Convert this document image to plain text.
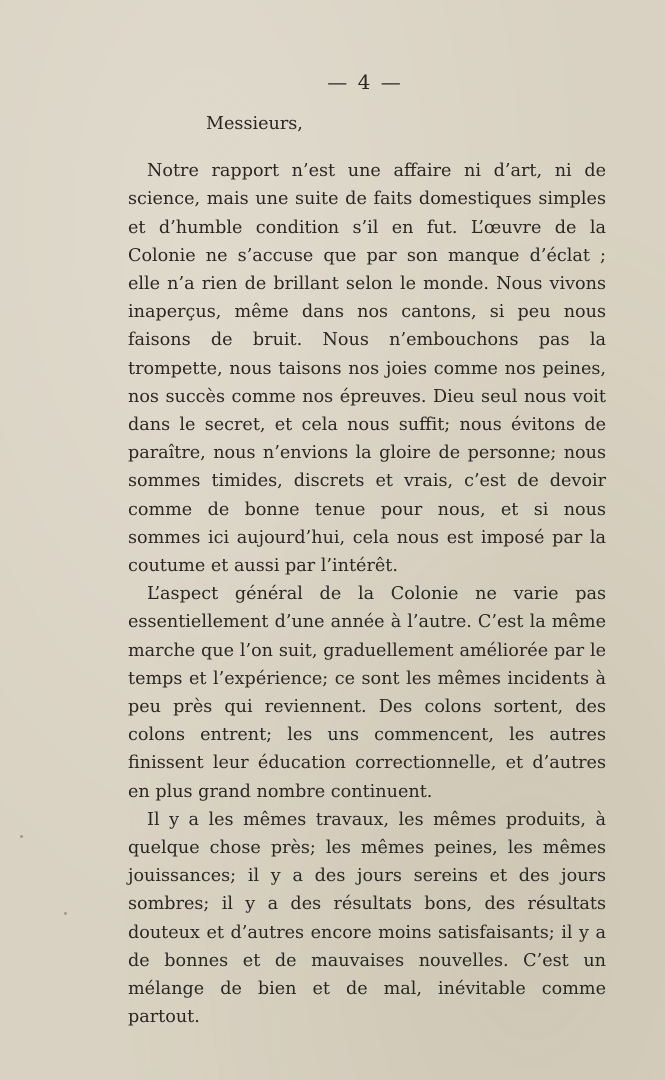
— 4 —

Messieurs,

Notre rapport n’est une affaire ni d’art, ni de science, mais une suite de faits domestiques simples et d’humble condition s’il en fut. L’œuvre de la Colonie ne s’accuse que par son manque d’éclat ; elle n’a rien de brillant selon le monde. Nous vivons inaperçus, même dans nos cantons, si peu nous faisons de bruit. Nous n’embouchons pas la trompette, nous taisons nos joies comme nos peines, nos succès comme nos épreuves. Dieu seul nous voit dans le secret, et cela nous suffit; nous évitons de paraître, nous n’envions la gloire de personne; nous sommes timides, discrets et vrais, c’est de devoir comme de bonne tenue pour nous, et si nous sommes ici aujourd’hui, cela nous est imposé par la coutume et aussi par l’intérêt.

L’aspect général de la Colonie ne varie pas essentiellement d’une année à l’autre. C’est la même marche que l’on suit, graduellement améliorée par le temps et l’expérience; ce sont les mêmes incidents à peu près qui reviennent. Des colons sortent, des colons entrent; les uns commencent, les autres finissent leur éducation correctionnelle, et d’autres en plus grand nombre continuent.

Il y a les mêmes travaux, les mêmes produits, à quelque chose près; les mêmes peines, les mêmes jouissances; il y a des jours sereins et des jours sombres; il y a des résultats bons, des résultats douteux et d’autres encore moins satisfaisants; il y a de bonnes et de mauvaises nouvelles. C’est un mélange de bien et de mal, inévitable comme partout.
